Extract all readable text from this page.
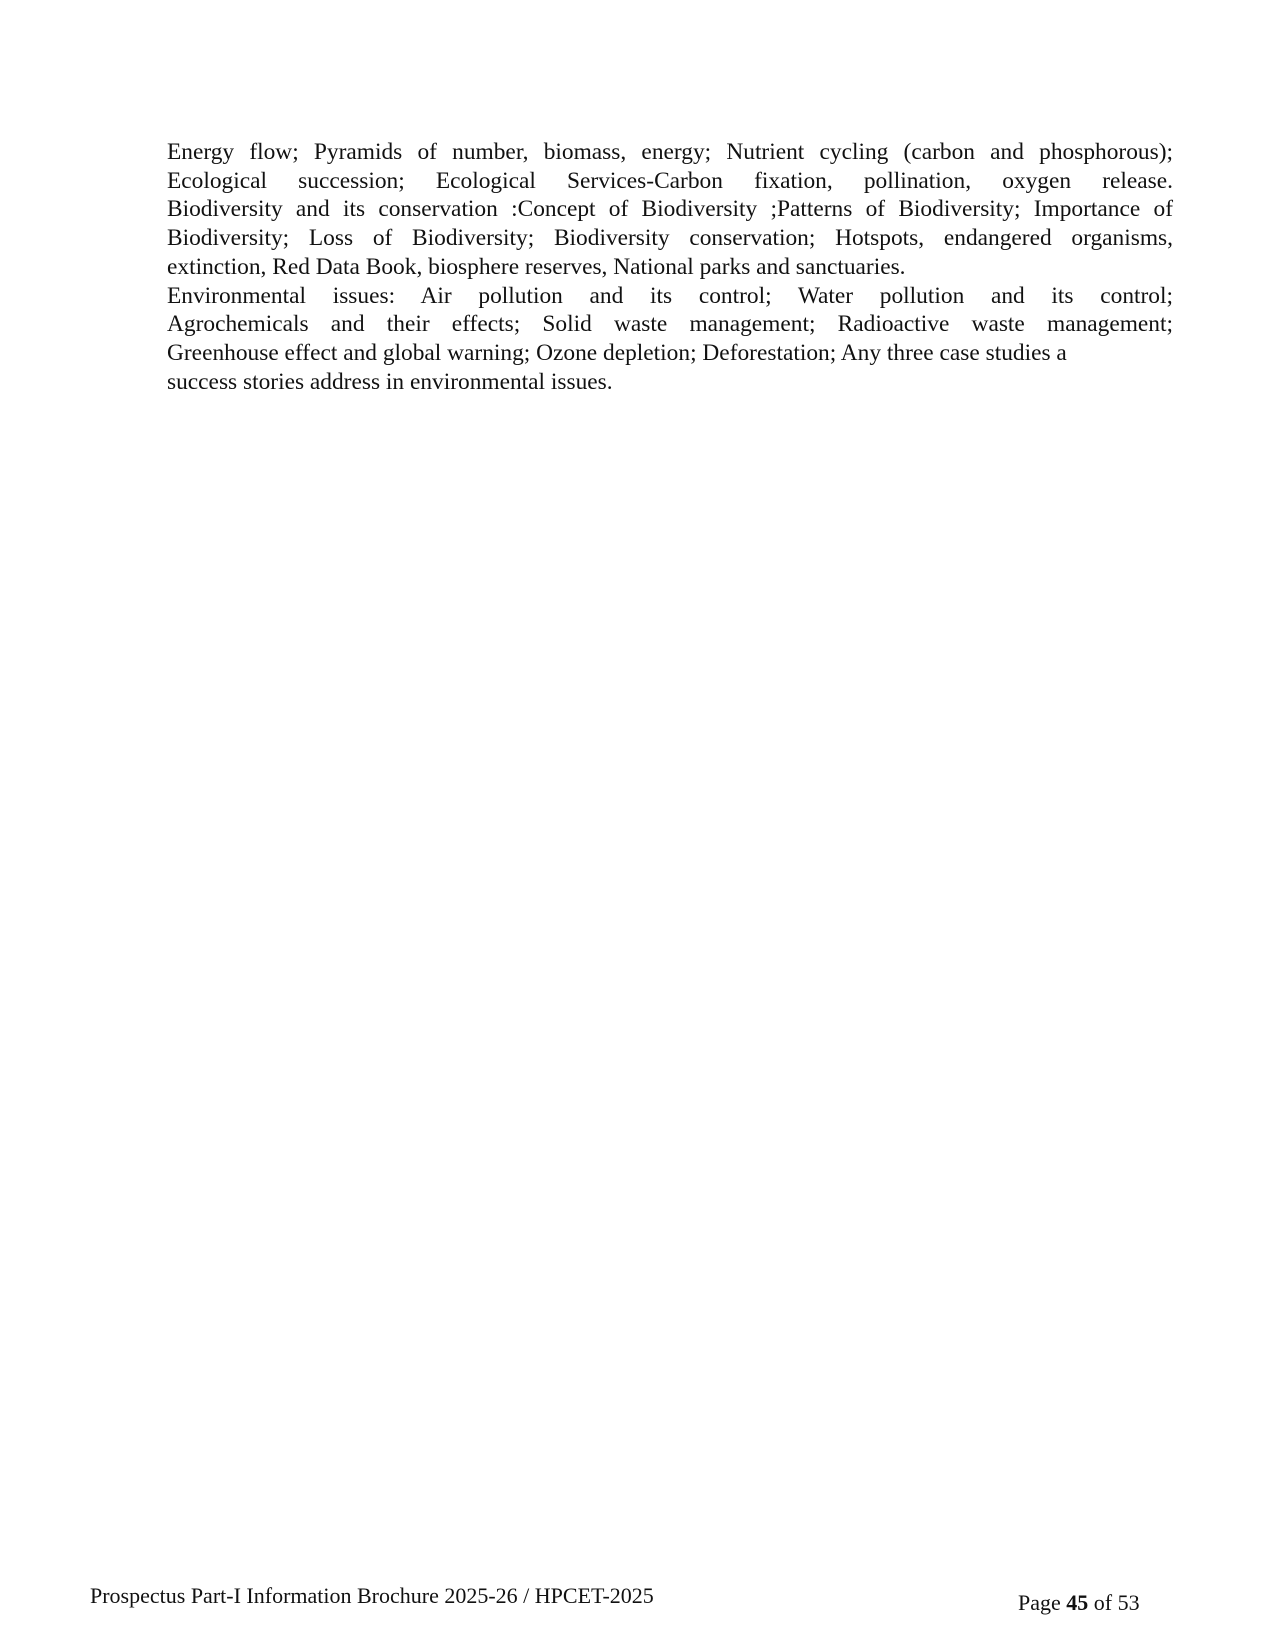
Energy flow; Pyramids of number, biomass, energy; Nutrient cycling (carbon and phosphorous);
Ecological succession; Ecological Services-Carbon fixation, pollination, oxygen release.
Biodiversity and its conservation :Concept of Biodiversity ;Patterns of Biodiversity; Importance of
Biodiversity; Loss of Biodiversity; Biodiversity conservation; Hotspots, endangered organisms,
extinction, Red Data Book, biosphere reserves, National parks and sanctuaries.

Environmental issues: Air pollution and its control; Water pollution and its control;
Agrochemicals and their effects; Solid waste management; Radioactive waste management;
Greenhouse effect and global warning; Ozone depletion; Deforestation; Any three case studies a
success stories address in environmental issues.

Prospectus Part-I Information Brochure 2025-26 / HPCET-2025	Page 45 of 53
